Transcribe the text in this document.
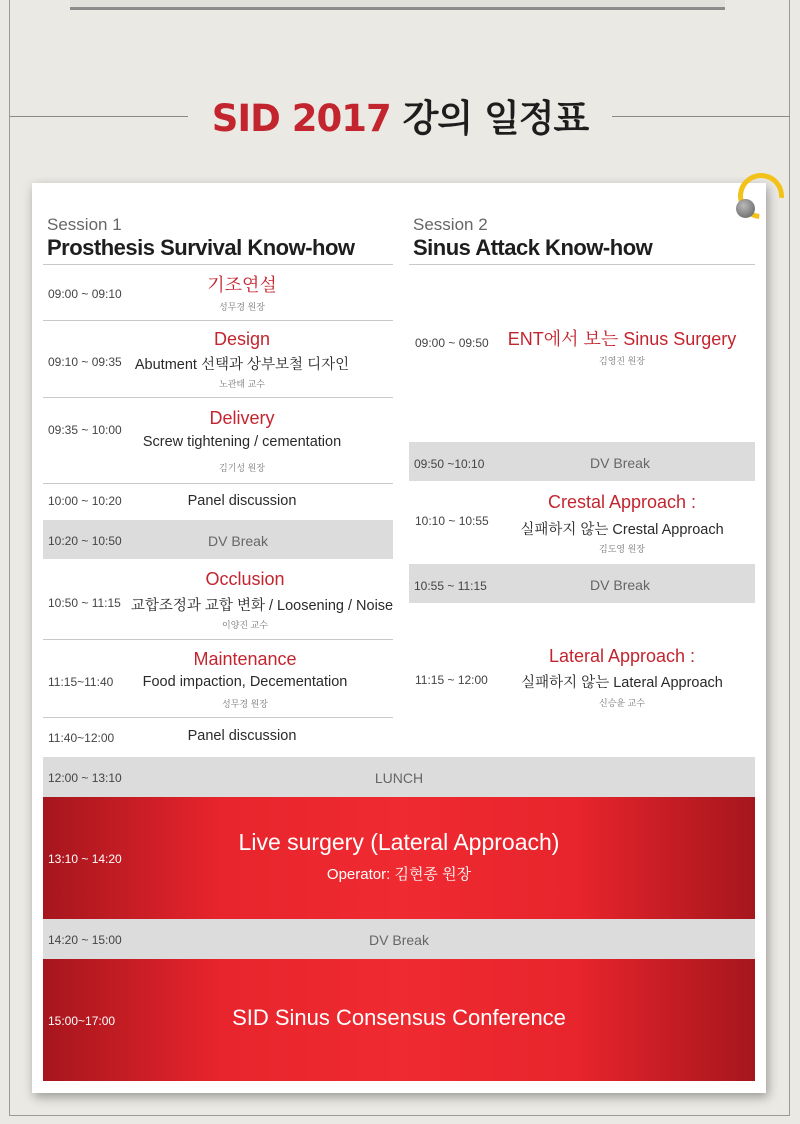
SID 2017 강의 일정표
Session 1
Prosthesis Survival Know-how
Session 2
Sinus Attack Know-how
09:00 ~ 09:10	기조연설
성무경 원장
09:10 ~ 09:35
Design
Abutment 선택과 상부보철 디자인
노관태 교수
09:35 ~ 10:00
Delivery
Screw tightening / cementation
김기성 원장
10:00 ~ 10:20	Panel discussion
10:20 ~ 10:50	DV Break
10:50 ~ 11:15
Occlusion
교합조정과 교합 변화 / Loosening / Noise
이양진 교수
11:15~11:40
Maintenance
Food impaction, Decementation
성무경 원장
11:40~12:00	Panel discussion
09:00 ~ 09:50	ENT에서 보는 Sinus Surgery
김영진 원장
09:50 ~10:10	DV Break
10:10 ~ 10:55
Crestal Approach :
실패하지 않는 Crestal Approach
김도영 원장
10:55 ~ 11:15	DV Break
11:15 ~ 12:00
Lateral Approach :
실패하지 않는 Lateral Approach
신승윤 교수
12:00 ~ 13:10	LUNCH
13:10 ~ 14:20
Live surgery (Lateral Approach)
Operator: 김현종 원장
14:20 ~ 15:00	DV Break
15:00~17:00	SID Sinus Consensus Conference
